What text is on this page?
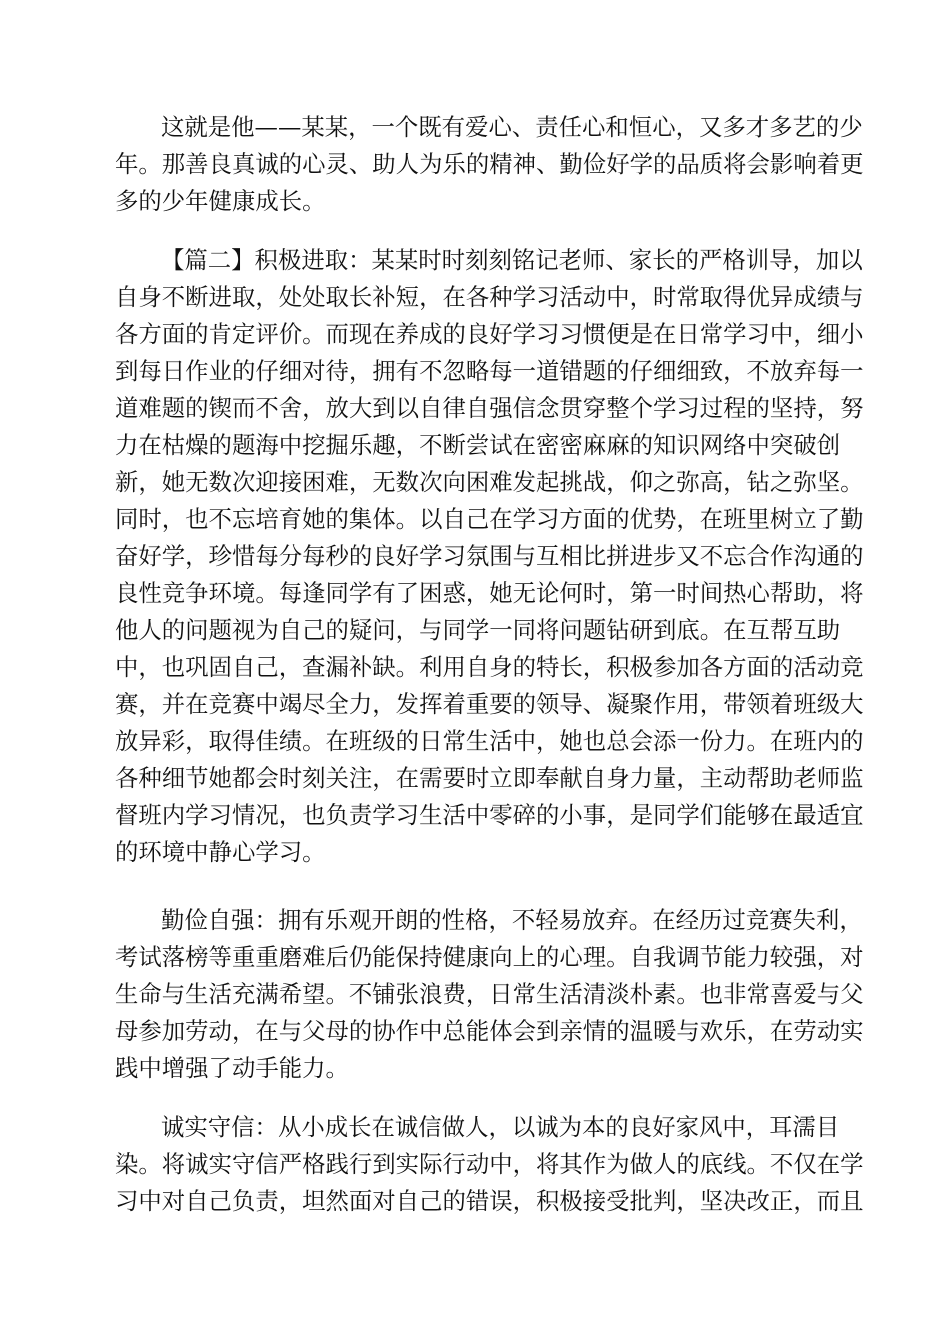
这就是他——某某，一个既有爱心、责任心和恒心，又多才多艺的少
年。那善良真诚的心灵、助人为乐的精神、勤俭好学的品质将会影响着更
多的少年健康成长。
【篇二】积极进取：某某时时刻刻铭记老师、家长的严格训导，加以
自身不断进取，处处取长补短，在各种学习活动中，时常取得优异成绩与
各方面的肯定评价。而现在养成的良好学习习惯便是在日常学习中，细小
到每日作业的仔细对待，拥有不忽略每一道错题的仔细细致，不放弃每一
道难题的锲而不舍，放大到以自律自强信念贯穿整个学习过程的坚持，努
力在枯燥的题海中挖掘乐趣，不断尝试在密密麻麻的知识网络中突破创
新，她无数次迎接困难，无数次向困难发起挑战，仰之弥高，钻之弥坚。
同时，也不忘培育她的集体。以自己在学习方面的优势，在班里树立了勤
奋好学，珍惜每分每秒的良好学习氛围与互相比拼进步又不忘合作沟通的
良性竞争环境。每逢同学有了困惑，她无论何时，第一时间热心帮助，将
他人的问题视为自己的疑问，与同学一同将问题钻研到底。在互帮互助
中，也巩固自己，查漏补缺。利用自身的特长，积极参加各方面的活动竞
赛，并在竞赛中竭尽全力，发挥着重要的领导、凝聚作用，带领着班级大
放异彩，取得佳绩。在班级的日常生活中，她也总会添一份力。在班内的
各种细节她都会时刻关注，在需要时立即奉献自身力量，主动帮助老师监
督班内学习情况，也负责学习生活中零碎的小事，是同学们能够在最适宜
的环境中静心学习。
勤俭自强：拥有乐观开朗的性格，不轻易放弃。在经历过竞赛失利，
考试落榜等重重磨难后仍能保持健康向上的心理。自我调节能力较强，对
生命与生活充满希望。不铺张浪费，日常生活清淡朴素。也非常喜爱与父
母参加劳动，在与父母的协作中总能体会到亲情的温暖与欢乐，在劳动实
践中增强了动手能力。
诚实守信：从小成长在诚信做人，以诚为本的良好家风中，耳濡目
染。将诚实守信严格践行到实际行动中，将其作为做人的底线。不仅在学
习中对自己负责，坦然面对自己的错误，积极接受批判，坚决改正，而且
